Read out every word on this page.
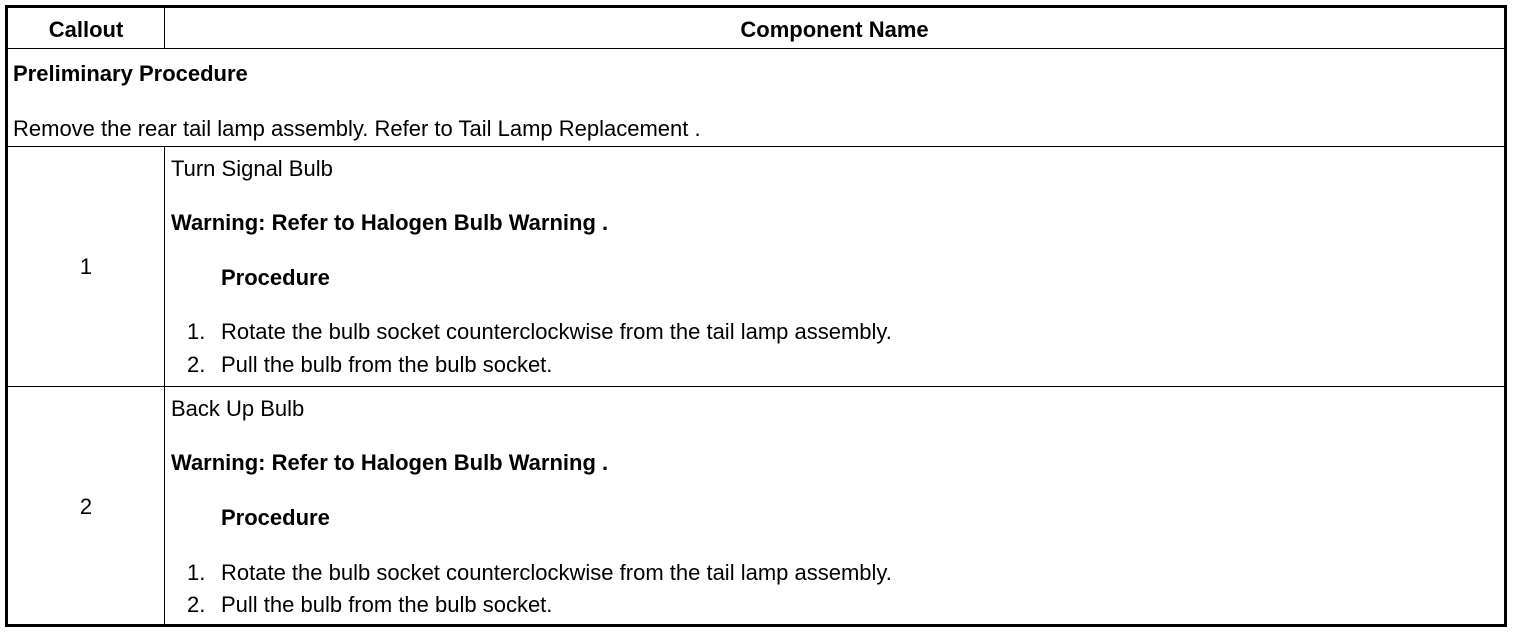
Callout	Component Name
Preliminary Procedure
Remove the rear tail lamp assembly. Refer to Tail Lamp Replacement .
1
Turn Signal Bulb
Warning: Refer to Halogen Bulb Warning .
Procedure
1. Rotate the bulb socket counterclockwise from the tail lamp assembly.
2. Pull the bulb from the bulb socket.
2
Back Up Bulb
Warning: Refer to Halogen Bulb Warning .
Procedure
1. Rotate the bulb socket counterclockwise from the tail lamp assembly.
2. Pull the bulb from the bulb socket.
